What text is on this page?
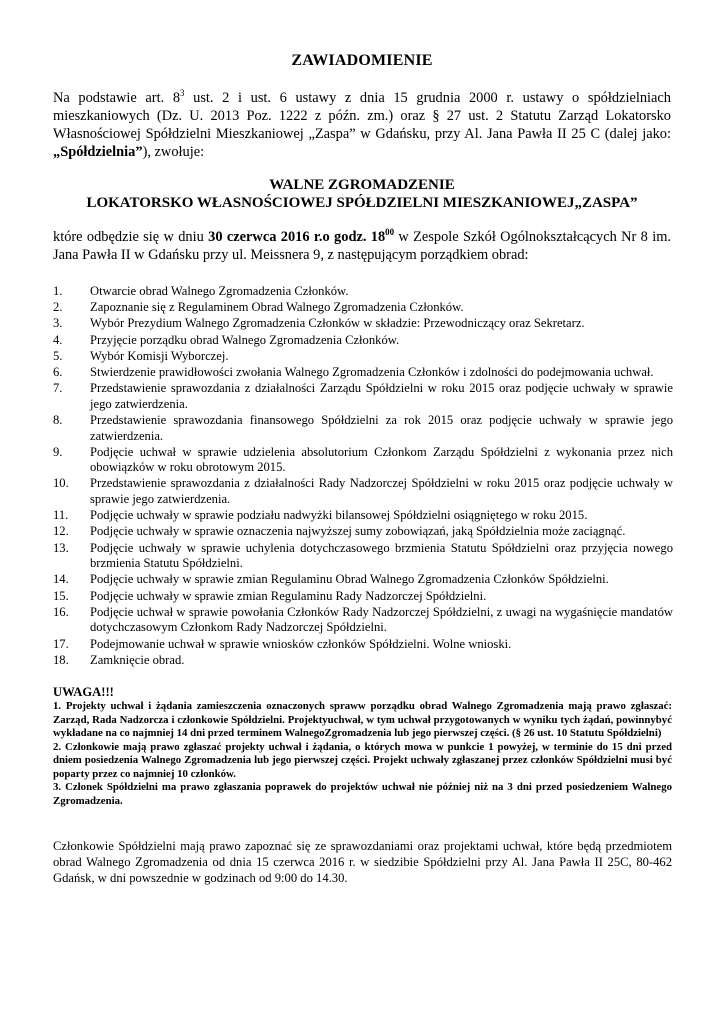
ZAWIADOMIENIE
Na podstawie art. $8^3$ ust. 2 i ust. 6 ustawy z dnia 15 grudnia 2000 r. ustawy o spółdzielniach mieszkaniowych (Dz. U. 2013 Poz. 1222 z późn. zm.) oraz § 27 ust. 2 Statutu Zarząd Lokatorsko Własnościowej Spółdzielni Mieszkaniowej „Zaspa” w Gdańsku, przy Al. Jana Pawła II 25 C (dalej jako: „Spółdzielnia”), zwołuje:
WALNE ZGROMADZENIE
LOKATORSKO WŁASNOŚCIOWEJ SPÓŁDZIELNI MIESZKANIOWEJ„ZASPA”
które odbędzie się w dniu 30 czerwca 2016 r.o godz. $18^{00}$ w Zespole Szkół Ogólnokształcących Nr 8 im. Jana Pawła II w Gdańsku przy ul. Meissnera 9, z następującym porządkiem obrad:
1. Otwarcie obrad Walnego Zgromadzenia Członków.
2. Zapoznanie się z Regulaminem Obrad Walnego Zgromadzenia Członków.
3. Wybór Prezydium Walnego Zgromadzenia Członków w składzie: Przewodniczący oraz Sekretarz.
4. Przyjęcie porządku obrad Walnego Zgromadzenia Członków.
5. Wybór Komisji Wyborczej.
6. Stwierdzenie prawidłowości zwołania Walnego Zgromadzenia Członków i zdolności do podejmowania uchwał.
7. Przedstawienie sprawozdania z działalności Zarządu Spółdzielni w roku 2015 oraz podjęcie uchwały w sprawie jego zatwierdzenia.
8. Przedstawienie sprawozdania finansowego Spółdzielni za rok 2015 oraz podjęcie uchwały w sprawie jego zatwierdzenia.
9. Podjęcie uchwał w sprawie udzielenia absolutorium Członkom Zarządu Spółdzielni z wykonania przez nich obowiązków w roku obrotowym 2015.
10. Przedstawienie sprawozdania z działalności Rady Nadzorczej Spółdzielni w roku 2015 oraz podjęcie uchwały w sprawie jego zatwierdzenia.
11. Podjęcie uchwały w sprawie podziału nadwyżki bilansowej Spółdzielni osiągniętego w roku 2015.
12. Podjęcie uchwały w sprawie oznaczenia najwyższej sumy zobowiązań, jaką Spółdzielnia może zaciągnąć.
13. Podjęcie uchwały w sprawie uchylenia dotychczasowego brzmienia Statutu Spółdzielni oraz przyjęcia nowego brzmienia Statutu Spółdzielni.
14. Podjęcie uchwały w sprawie zmian Regulaminu Obrad Walnego Zgromadzenia Członków Spółdzielni.
15. Podjęcie uchwały w sprawie zmian Regulaminu Rady Nadzorczej Spółdzielni.
16. Podjęcie uchwał w sprawie powołania Członków Rady Nadzorczej Spółdzielni, z uwagi na wygaśnięcie mandatów dotychczasowym Członkom Rady Nadzorczej Spółdzielni.
17. Podejmowanie uchwał w sprawie wniosków członków Spółdzielni. Wolne wnioski.
18. Zamknięcie obrad.
UWAGA!!!

1. Projekty uchwał i żądania zamieszczenia oznaczonych spraww porządku obrad Walnego Zgromadzenia mają prawo zgłaszać: Zarząd, Rada Nadzorcza i członkowie Spółdzielni. Projektyuchwał, w tym uchwał przygotowanych w wyniku tych żądań, powinnybyć wykładane na co najmniej 14 dni przed terminem WalnegoZgromadzenia lub jego pierwszej części. (§ 26 ust. 10 Statutu Spółdzielni)

2. Członkowie mają prawo zgłaszać projekty uchwał i żądania, o których mowa w punkcie 1 powyżej, w terminie do 15 dni przed dniem posiedzenia Walnego Zgromadzenia lub jego pierwszej części. Projekt uchwały zgłaszanej przez członków Spółdzielni musi być poparty przez co najmniej 10 członków.

3. Członek Spółdzielni ma prawo zgłaszania poprawek do projektów uchwał nie później niż na 3 dni przed posiedzeniem Walnego Zgromadzenia.

Członkowie Spółdzielni mają prawo zapoznać się ze sprawozdaniami oraz projektami uchwał, które będą przedmiotem obrad Walnego Zgromadzenia od dnia 15 czerwca 2016 r. w siedzibie Spółdzielni przy Al. Jana Pawła II 25C, 80-462 Gdańsk, w dni powszednie w godzinach od 9:00 do 14.30.
